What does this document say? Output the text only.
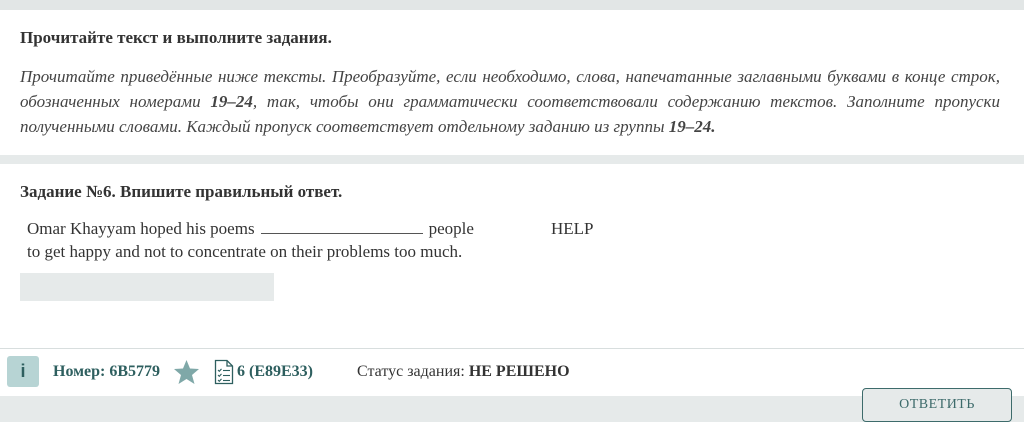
Прочитайте текст и выполните задания.
Прочитайте приведённые ниже тексты. Преобразуйте, если необходимо, слова, напечатанные заглавными буквами в конце строк, обозначенных номерами 19–24, так, чтобы они грамматически соответствовали содержанию текстов. Заполните пропуски полученными словами. Каждый пропуск соответствует отдельному заданию из группы 19–24.
Задание №6. Впишите правильный ответ.
Omar Khayyam hoped his poems	people
to get happy and not to concentrate on their problems too much.
HELP
i	Номер: 6B5779	6 (E89E33)	Статус задания: НЕ РЕШЕНО
ОТВЕТИТЬ
